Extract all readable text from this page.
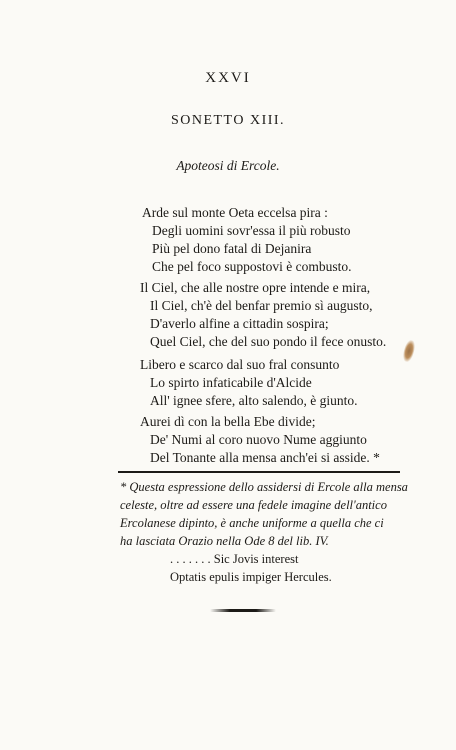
XXVI
SONETTO XIII.
Apoteosi di Ercole.
Arde sul monte Oeta eccelsa pira :
Degli uomini sovr'essa il più robusto
Più pel dono fatal di Dejanira
Che pel foco suppostovi è combusto.
Il Ciel, che alle nostre opre intende e mira,
Il Ciel, ch'è del benfar premio sì augusto,
D'averlo alfine a cittadin sospira;
Quel Ciel, che del suo pondo il fece onusto.
Libero e scarco dal suo fral consunto
Lo spirto infaticabile d'Alcide
All' ignee sfere, alto salendo, è giunto.
Aurei dì con la bella Ebe divide;
De' Numi al coro nuovo Nume aggiunto
Del Tonante alla mensa anch'ei si asside. *
* Questa espressione dello assidersi di Ercole alla mensa
celeste, oltre ad essere una fedele imagine dell'antico
Ercolanese dipinto, è anche uniforme a quella che ci
ha lasciata Orazio nella Ode 8 del lib. IV.
. . . . . . . Sic Jovis interest
Optatis epulis impiger Hercules.
